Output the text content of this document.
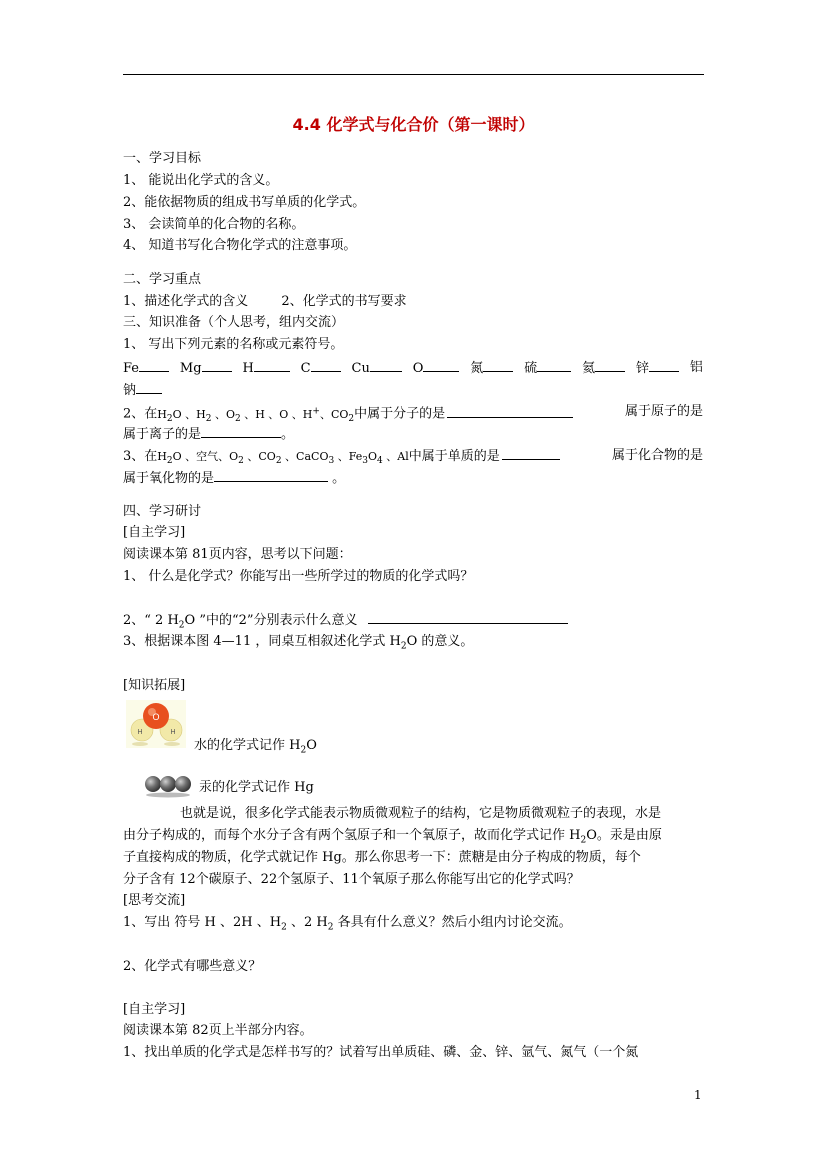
4.4 化学式与化合价（第一课时）
一、学习目标
1、 能说出化学式的含义。
2、能依据物质的组成书写单质的化学式。
3、 会读简单的化合物的名称。
4、 知道书写化合物化学式的注意事项。
二、学习重点
1、描述化学式的含义        2、化学式的书写要求
三、知识准备（个人思考，组内交流）
1、 写出下列元素的名称或元素符号。
Fe	Mg	H	C	Cu	O	氮	硫	氦	锌	铝
钠
2、在$H_2O$ 、$H_2$ 、$O_2$ 、H 、O 、H+、$CO_2$中属于分子的是	属于原子的是
属于离子的是	。
3、在$H_2O$ 、空气、$O_2$ 、$CO_2$ 、CaCO$_3$ 、$Fe_3O_4$ 、Al中属于单质的是	属于化合物的是
属于氧化物的是	。
四、学习研讨
[自主学习]
阅读课本第 81页内容，思考以下问题：
1、 什么是化学式？你能写出一些所学过的物质的化学式吗？
2、“ 2 $H_2O$ ”中的“2”分别表示什么意义
3、根据课本图 4—11 ，同桌互相叙述化学式 $H_2O$ 的意义。
[知识拓展]
O
H	H
水的化学式记作 $H_2O$
汞的化学式记作 Hg
也就是说，很多化学式能表示物质微观粒子的结构，它是物质微观粒子的表现，水是
由分子构成的，而每个水分子含有两个氢原子和一个氧原子，故而化学式记作 $H_2O$。汞是由原
子直接构成的物质，化学式就记作 Hg。那么你思考一下：蔗糖是由分子构成的物质，每个
分子含有 12个碳原子、22个氢原子、11个氧原子那么你能写出它的化学式吗？
[思考交流]
1、写出 符号 H 、2H 、$H_2$ 、2 $H_2$ 各具有什么意义？然后小组内讨论交流。
2、化学式有哪些意义？
[自主学习]
阅读课本第 82页上半部分内容。
1、找出单质的化学式是怎样书写的？试着写出单质硅、磷、金、锌、氩气、氮气（一个氮
1
